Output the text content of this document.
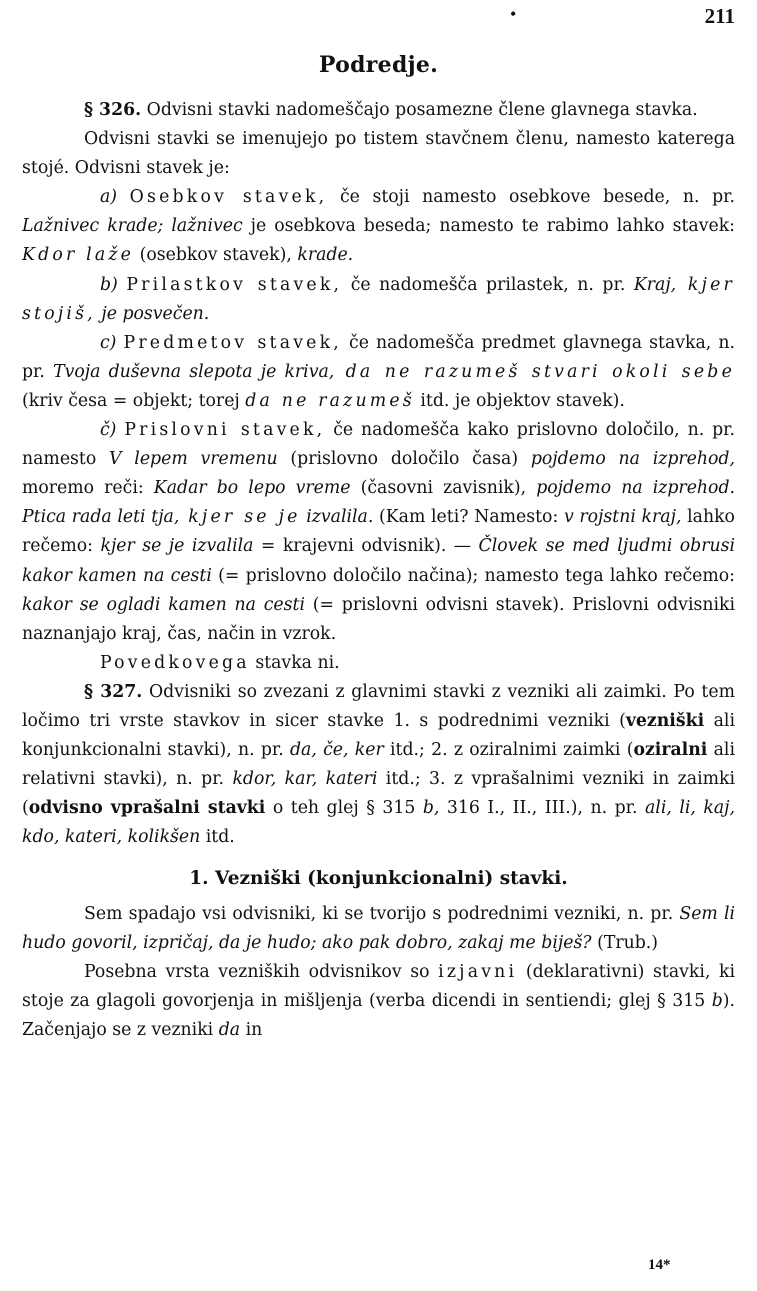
•	211
Podredje.

§ 326. Odvisni stavki nadomeščajo posamezne člene glavnega stavka.

Odvisni stavki se imenujejo po tistem stavčnem členu, namesto katerega stojé. Odvisni stavek je:

a) Osebkov stavek, če stoji namesto osebkove besede, n. pr. Lažnivec krade; lažnivec je osebkova beseda; namesto te rabimo lahko stavek: Kdor laže (osebkov stavek), krade.

b) Prilastkov stavek, če nadomešča prilastek, n. pr. Kraj, kjer stojiš, je posvečen.

c) Predmetov stavek, če nadomešča predmet glavnega stavka, n. pr. Tvoja duševna slepota je kriva, da ne razumeš stvari okoli sebe (kriv česa = objekt; torej da ne razumeš itd. je objektov stavek).

č) Prislovni stavek, če nadomešča kako prislovno določilo, n. pr. namesto V lepem vremenu (prislovno določilo časa) pojdemo na izprehod, moremo reči: Kadar bo lepo vreme (časovni zavisnik), pojdemo na izprehod. Ptica rada leti tja, kjer se je izvalila. (Kam leti? Namesto: v rojstni kraj, lahko rečemo: kjer se je izvalila = krajevni odvisnik). — Človek se med ljudmi obrusi kakor kamen na cesti (= prislovno določilo načina); namesto tega lahko rečemo: kakor se ogladi kamen na cesti (= prislovni odvisni stavek). Prislovni odvisniki naznanjajo kraj, čas, način in vzrok.

Povedkovega stavka ni.

§ 327. Odvisniki so zvezani z glavnimi stavki z vezniki ali zaimki. Po tem ločimo tri vrste stavkov in sicer stavke 1. s podrednimi vezniki (vezniški ali konjunkcionalni stavki), n. pr. da, če, ker itd.; 2. z oziralnimi zaimki (oziralni ali relativni stavki), n. pr. kdor, kar, kateri itd.; 3. z vprašalnimi vezniki in zaimki (odvisno vprašalni stavki o teh glej § 315 b, 316 I., II., III.), n. pr. ali, li, kaj, kdo, kateri, kolikšen itd.

1. Vezniški (konjunkcionalni) stavki.

Sem spadajo vsi odvisniki, ki se tvorijo s podrednimi vezniki, n. pr. Sem li hudo govoril, izpričaj, da je hudo; ako pak dobro, zakaj me biješ? (Trub.)

Posebna vrsta vezniških odvisnikov so izjavni (deklarativni) stavki, ki stoje za glagoli govorjenja in mišljenja (verba dicendi in sentiendi; glej § 315 b). Začenjajo se z vezniki da in

14*
